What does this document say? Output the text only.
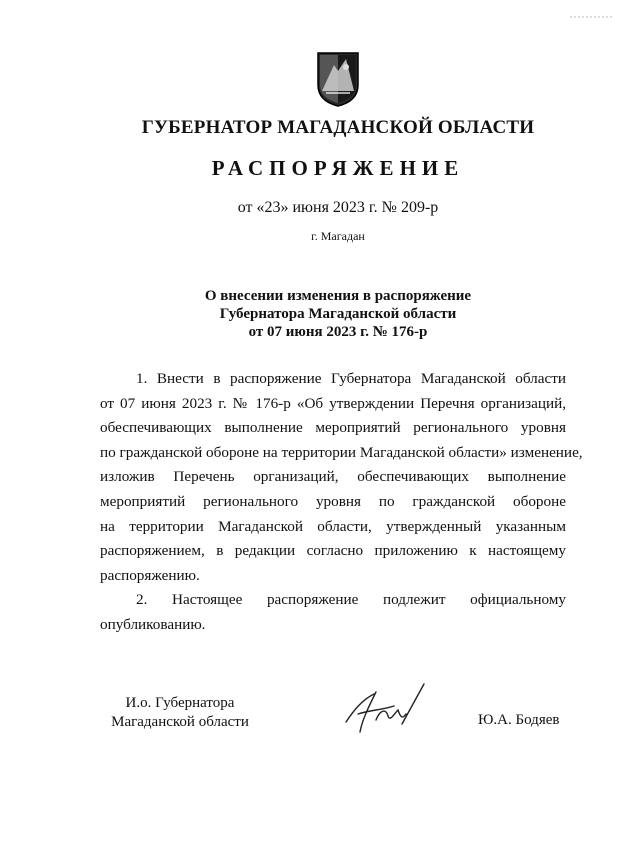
ГУБЕРНАТОР МАГАДАНСКОЙ ОБЛАСТИ
РАСПОРЯЖЕНИЕ
от «23» июня 2023 г. № 209-р
г. Магадан
О внесении изменения в распоряжение
Губернатора Магаданской области
от 07 июня 2023 г. № 176-р
1. Внести в распоряжение Губернатора Магаданской области
от 07 июня 2023 г. № 176-р «Об утверждении Перечня организаций,
обеспечивающих выполнение мероприятий регионального уровня
по гражданской обороне на территории Магаданской области» изменение,
изложив Перечень организаций, обеспечивающих выполнение
мероприятий регионального уровня по гражданской обороне
на территории Магаданской области, утвержденный указанным
распоряжением, в редакции согласно приложению к настоящему
распоряжению.
2. Настоящее распоряжение подлежит официальному
опубликованию.
И.о. Губернатора
Магаданской области	Ю.А. Бодяев
